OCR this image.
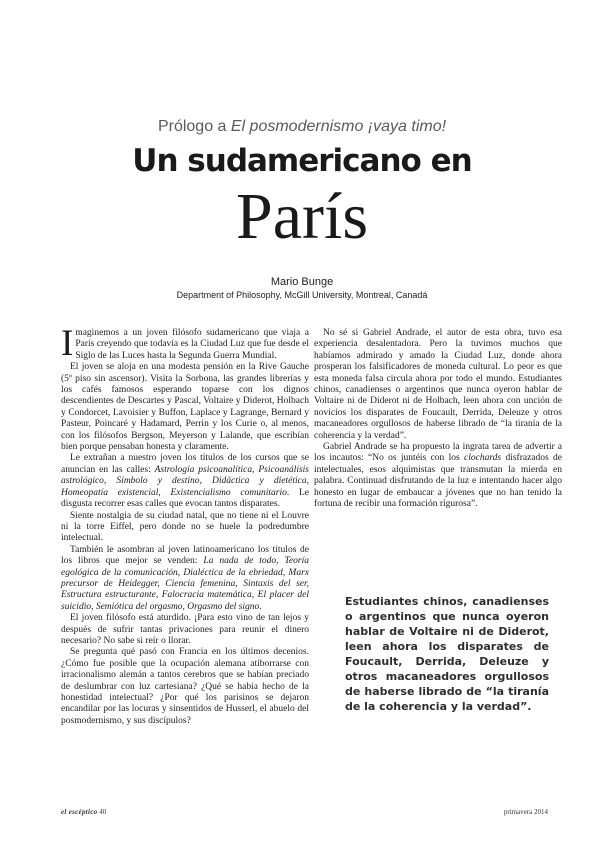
Prólogo a El posmodernismo ¡vaya timo!
Un sudamericano en
París
Mario Bunge
Department of Philosophy, McGill University, Montreal, Canadá

Imaginemos a un joven filósofo sudamericano que viaja a París creyendo que todavía es la Ciudad Luz que fue desde el Siglo de las Luces hasta la Segunda Guerra Mundial.

El joven se aloja en una modesta pensión en la Rive Gauche (5º piso sin ascensor). Visita la Sorbona, las grandes librerías y los cafés famosos esperando toparse con los dignos descendientes de Descartes y Pascal, Voltaire y Diderot, Holbach y Condorcet, Lavoisier y Buffon, Laplace y Lagrange, Bernard y Pasteur, Poincaré y Hadamard, Perrin y los Curie o, al menos, con los filósofos Bergson, Meyerson y Lalande, que escribían bien porque pensaban honesta y claramente.

Le extrañan a nuestro joven los títulos de los cursos que se anuncian en las calles: Astrología psicoanalítica, Psicoanálisis astrológico, Símbolo y destino, Didáctica y dietética, Homeopatía existencial, Existencialismo comunitario. Le disgusta recorrer esas calles que evocan tantos disparates.

Siente nostalgia de su ciudad natal, que no tiene ni el Louvre ni la torre Eiffel, pero donde no se huele la podredumbre intelectual.

También le asombran al joven latinoamericano los títulos de los libros que mejor se venden: La nada de todo, Teoría egológica de la comunicación, Dialéctica de la ebriedad, Marx precursor de Heidegger, Ciencia femenina, Sintaxis del ser, Estructura estructurante, Falocracia matemática, El placer del suicidio, Semiótica del orgasmo, Orgasmo del signo.

El joven filósofo está aturdido. ¡Para esto vino de tan lejos y después de sufrir tantas privaciones para reunir el dinero necesario? No sabe si reír o llorar.

Se pregunta qué pasó con Francia en los últimos decenios. ¿Cómo fue posible que la ocupación alemana atiborrarse con irracionalismo alemán a tantos cerebros que se habían preciado de deslumbrar con luz cartesiana? ¿Qué se había hecho de la honestidad intelectual? ¿Por qué los parisinos se dejaron encandilar por las locuras y sinsentidos de Husserl, el abuelo del posmodernismo, y sus discípulos?

No sé si Gabriel Andrade, el autor de esta obra, tuvo esa experiencia desalentadora. Pero la tuvimos muchos que habíamos admirado y amado la Ciudad Luz, donde ahora prosperan los falsificadores de moneda cultural. Lo peor es que esta moneda falsa circula ahora por todo el mundo. Estudiantes chinos, canadienses o argentinos que nunca oyeron hablar de Voltaire ni de Diderot ni de Holbach, leen ahora con unción de novicios los disparates de Foucault, Derrida, Deleuze y otros macaneadores orgullosos de haberse librado de “la tiranía de la coherencia y la verdad”.

Gabriel Andrade se ha propuesto la ingrata tarea de advertir a los incautos: “No os juntéis con los clochards disfrazados de intelectuales, esos alquimistas que transmutan la mierda en palabra. Continuad disfrutando de la luz e intentando hacer algo honesto en lugar de embaucar a jóvenes que no han tenido la fortuna de recibir una formación rigurosa”.

Estudiantes chinos, canadienses o argentinos que nunca oyeron hablar de Voltaire ni de Diderot, leen ahora los disparates de Foucault, Derrida, Deleuze y otros macaneadores orgullosos de haberse librado de “la tiranía de la coherencia y la verdad”.
el escéptico 40	primavera 2014
